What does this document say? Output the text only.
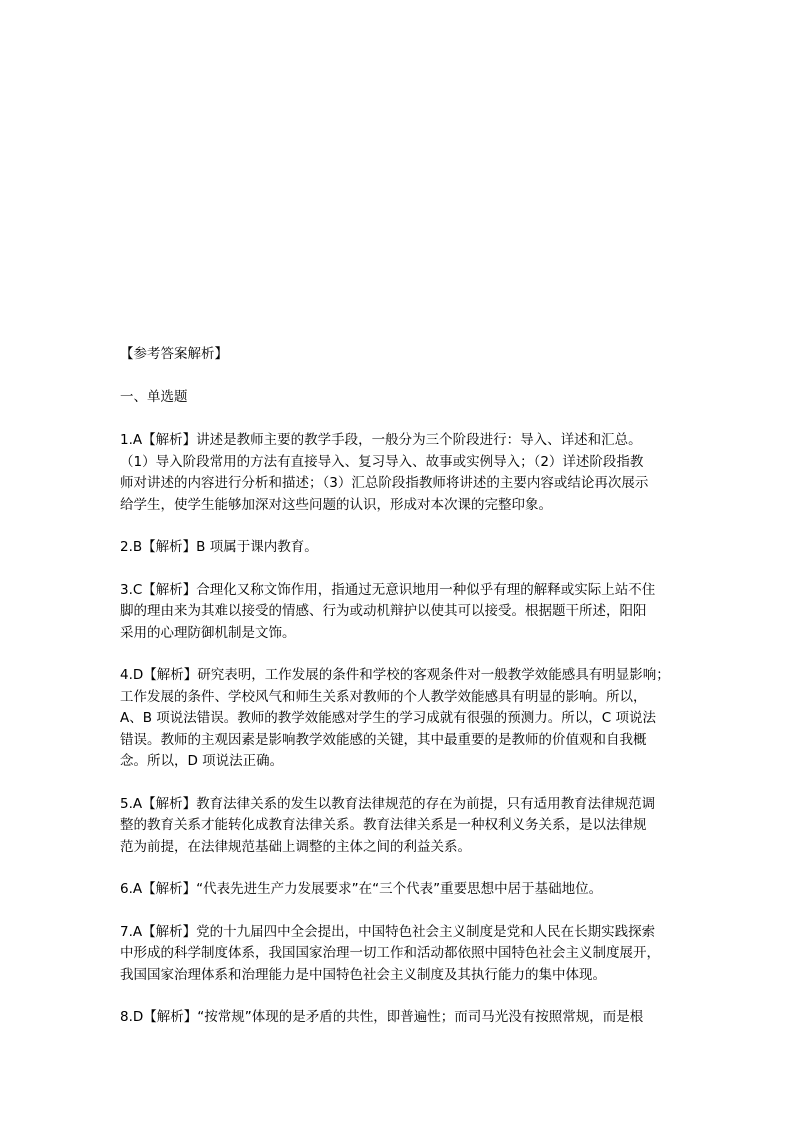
【参考答案解析】

一、单选题

1.A【解析】讲述是教师主要的教学手段，一般分为三个阶段进行：导入、详述和汇总。
（1）导入阶段常用的方法有直接导入、复习导入、故事或实例导入；（2）详述阶段指教
师对讲述的内容进行分析和描述；（3）汇总阶段指教师将讲述的主要内容或结论再次展示
给学生，使学生能够加深对这些问题的认识，形成对本次课的完整印象。

2.B【解析】B 项属于课内教育。

3.C【解析】合理化又称文饰作用，指通过无意识地用一种似乎有理的解释或实际上站不住
脚的理由来为其难以接受的情感、行为或动机辩护以使其可以接受。根据题干所述，阳阳
采用的心理防御机制是文饰。

4.D【解析】研究表明，工作发展的条件和学校的客观条件对一般教学效能感具有明显影响；
工作发展的条件、学校风气和师生关系对教师的个人教学效能感具有明显的影响。所以，
A、B 项说法错误。教师的教学效能感对学生的学习成就有很强的预测力。所以，C 项说法
错误。教师的主观因素是影响教学效能感的关键，其中最重要的是教师的价值观和自我概
念。所以，D 项说法正确。

5.A【解析】教育法律关系的发生以教育法律规范的存在为前提，只有适用教育法律规范调
整的教育关系才能转化成教育法律关系。教育法律关系是一种权利义务关系，是以法律规
范为前提，在法律规范基础上调整的主体之间的利益关系。

6.A【解析】“代表先进生产力发展要求”在“三个代表”重要思想中居于基础地位。

7.A【解析】党的十九届四中全会提出，中国特色社会主义制度是党和人民在长期实践探索
中形成的科学制度体系，我国国家治理一切工作和活动都依照中国特色社会主义制度展开，
我国国家治理体系和治理能力是中国特色社会主义制度及其执行能力的集中体现。

8.D【解析】“按常规”体现的是矛盾的共性，即普遍性；而司马光没有按照常规，而是根
